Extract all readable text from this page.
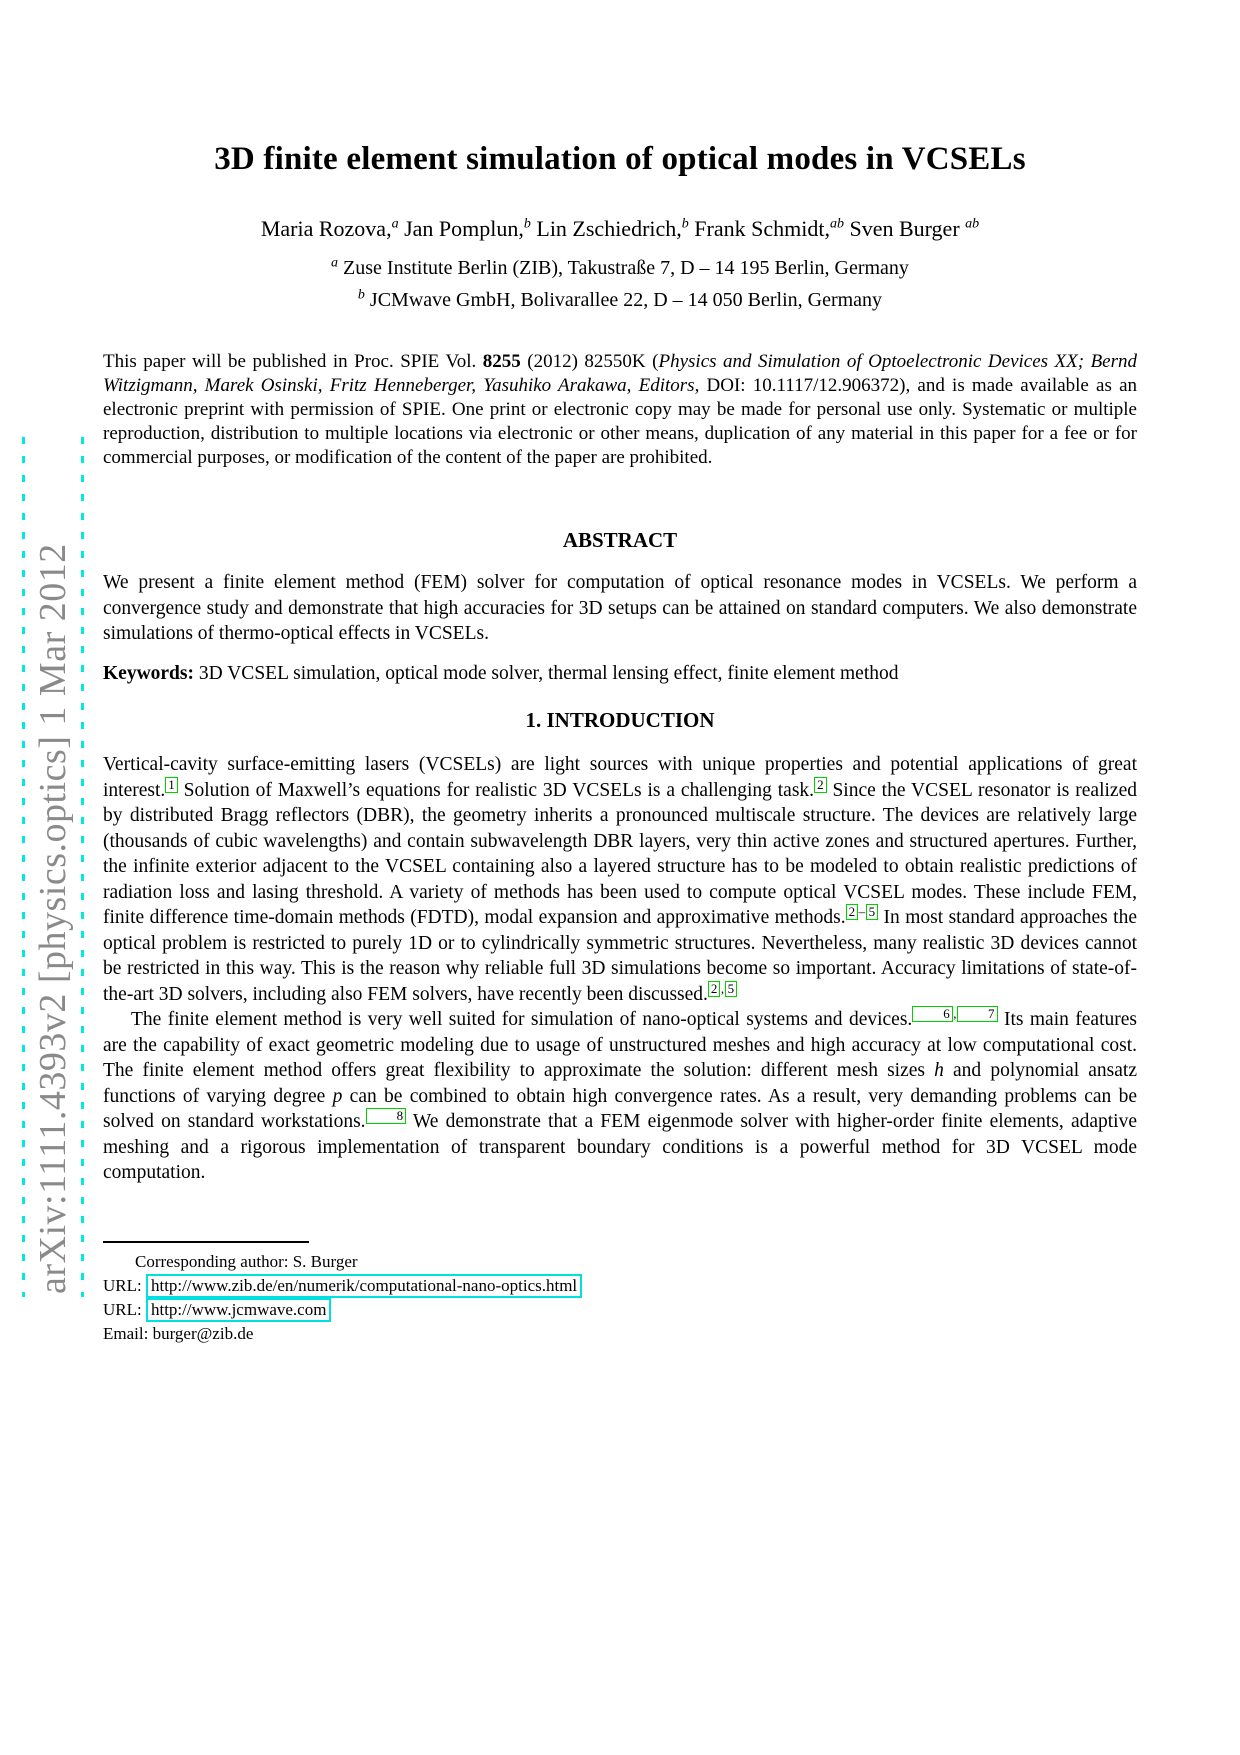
arXiv:1111.4393v2 [physics.optics] 1 Mar 2012
3D finite element simulation of optical modes in VCSELs
Maria Rozova,$^a$ Jan Pomplun,$^b$ Lin Zschiedrich,$^b$ Frank Schmidt,$^{ab}$ Sven Burger $^{ab}$
$^a$ Zuse Institute Berlin (ZIB), Takustraße 7, D – 14 195 Berlin, Germany
$^b$ JCMwave GmbH, Bolivarallee 22, D – 14 050 Berlin, Germany

This paper will be published in Proc. SPIE Vol. 8255 (2012) 82550K (Physics and Simulation of Optoelectronic Devices XX; Bernd Witzigmann, Marek Osinski, Fritz Henneberger, Yasuhiko Arakawa, Editors, DOI: 10.1117/12.906372), and is made available as an electronic preprint with permission of SPIE. One print or electronic copy may be made for personal use only. Systematic or multiple reproduction, distribution to multiple locations via electronic or other means, duplication of any material in this paper for a fee or for commercial purposes, or modification of the content of the paper are prohibited.

ABSTRACT

We present a finite element method (FEM) solver for computation of optical resonance modes in VCSELs. We perform a convergence study and demonstrate that high accuracies for 3D setups can be attained on standard computers. We also demonstrate simulations of thermo-optical effects in VCSELs.

Keywords: 3D VCSEL simulation, optical mode solver, thermal lensing effect, finite element method

1. INTRODUCTION

Vertical-cavity surface-emitting lasers (VCSELs) are light sources with unique properties and potential applications of great interest. $^1$ Solution of Maxwell’s equations for realistic 3D VCSELs is a challenging task. $^2$ Since the VCSEL resonator is realized by distributed Bragg reflectors (DBR), the geometry inherits a pronounced multiscale structure. The devices are relatively large (thousands of cubic wavelengths) and contain subwavelength DBR layers, very thin active zones and structured apertures. Further, the infinite exterior adjacent to the VCSEL containing also a layered structure has to be modeled to obtain realistic predictions of radiation loss and lasing threshold. A variety of methods has been used to compute optical VCSEL modes. These include FEM, finite difference time-domain methods (FDTD), modal expansion and approximative methods. $^{2 - 5}$ In most standard approaches the optical problem is restricted to purely 1D or to cylindrically symmetric structures. Nevertheless, many realistic 3D devices cannot be restricted in this way. This is the reason why reliable full 3D simulations become so important. Accuracy limitations of state-of-the-art 3D solvers, including also FEM solvers, have recently been discussed. $^{2 , 5}$

The finite element method is very well suited for simulation of nano-optical systems and devices. $^{6 , 7}$ Its main features are the capability of exact geometric modeling due to usage of unstructured meshes and high accuracy at low computational cost. The finite element method offers great flexibility to approximate the solution: different mesh sizes h and polynomial ansatz functions of varying degree p can be combined to obtain high convergence rates. As a result, very demanding problems can be solved on standard workstations. $^8$ We demonstrate that a FEM eigenmode solver with higher-order finite elements, adaptive meshing and a rigorous implementation of transparent boundary conditions is a powerful method for 3D VCSEL mode computation.

Corresponding author: S. Burger
URL: http://www.zib.de/en/numerik/computational-nano-optics.html
URL: http://www.jcmwave.com
Email: burger@zib.de
